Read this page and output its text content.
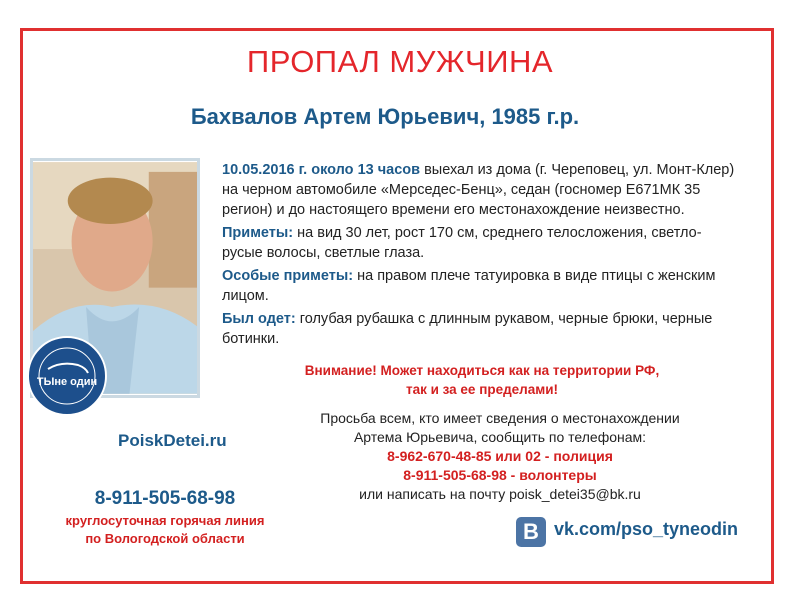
ПРОПАЛ МУЖЧИНА
Бахвалов Артем Юрьевич, 1985 г.р.
ТЫне один
PoiskDetei.ru
8-911-505-68-98
круглосуточная горячая линия
по Вологодской области

10.05.2016 г. около 13 часов выехал из дома (г. Череповец, ул. Монт-Клер) на черном автомобиле «Мерседес-Бенц», седан (госномер Е671МК 35 регион) и до настоящего времени его местонахождение неизвестно.

Приметы: на вид 30 лет, рост 170 см, среднего телосложения, светло-русые волосы, светлые глаза.

Особые приметы: на правом плече татуировка в виде птицы с женским лицом.

Был одет: голубая рубашка с длинным рукавом, черные брюки, черные ботинки.

Внимание! Может находиться как на территории РФ,
так и за ее пределами!
Просьба всем, кто имеет сведения о местонахождении
Артема Юрьевича, сообщить по телефонам:
8-962-670-48-85 или 02 - полиция
8-911-505-68-98 - волонтеры
или написать на почту poisk_detei35@bk.ru
B vk.com/pso_tyneodin
